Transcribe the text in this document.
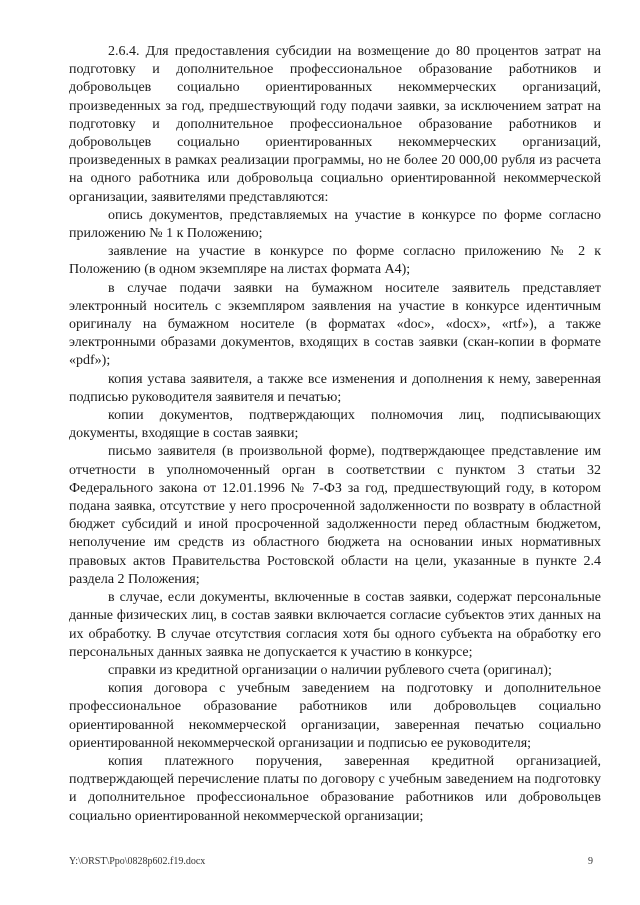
2.6.4. Для предоставления субсидии на возмещение до 80 процентов затрат на подготовку и дополнительное профессиональное образование работников и добровольцев социально ориентированных некоммерческих организаций, произведенных за год, предшествующий году подачи заявки, за исключением затрат на подготовку и дополнительное профессиональное образование работников и добровольцев социально ориентированных некоммерческих организаций, произведенных в рамках реализации программы, но не более 20 000,00 рубля из расчета на одного работника или добровольца социально ориентированной некоммерческой организации, заявителями представляются:

опись документов, представляемых на участие в конкурсе по форме согласно приложению № 1 к Положению;

заявление на участие в конкурсе по форме согласно приложению № 2 к Положению (в одном экземпляре на листах формата А4);

в случае подачи заявки на бумажном носителе заявитель представляет электронный носитель с экземпляром заявления на участие в конкурсе идентичным оригиналу на бумажном носителе (в форматах «doc», «docx», «rtf»), а также электронными образами документов, входящих в состав заявки (скан-копии в формате «pdf»);

копия устава заявителя, а также все изменения и дополнения к нему, заверенная подписью руководителя заявителя и печатью;

копии документов, подтверждающих полномочия лиц, подписывающих документы, входящие в состав заявки;

письмо заявителя (в произвольной форме), подтверждающее представление им отчетности в уполномоченный орган в соответствии с пунктом 3 статьи 32 Федерального закона от 12.01.1996 № 7-ФЗ за год, предшествующий году, в котором подана заявка, отсутствие у него просроченной задолженности по возврату в областной бюджет субсидий и иной просроченной задолженности перед областным бюджетом, неполучение им средств из областного бюджета на основании иных нормативных правовых актов Правительства Ростовской области на цели, указанные в пункте 2.4 раздела 2 Положения;

в случае, если документы, включенные в состав заявки, содержат персональные данные физических лиц, в состав заявки включается согласие субъектов этих данных на их обработку. В случае отсутствия согласия хотя бы одного субъекта на обработку его персональных данных заявка не допускается к участию в конкурсе;

справки из кредитной организации о наличии рублевого счета (оригинал);

копия договора с учебным заведением на подготовку и дополнительное профессиональное образование работников или добровольцев социально ориентированной некоммерческой организации, заверенная печатью социально ориентированной некоммерческой организации и подписью ее руководителя;

копия платежного поручения, заверенная кредитной организацией, подтверждающей перечисление платы по договору с учебным заведением на подготовку и дополнительное профессиональное образование работников или добровольцев социально ориентированной некоммерческой организации;

Y:\ORST\Ppo\0828p602.f19.docx	9
